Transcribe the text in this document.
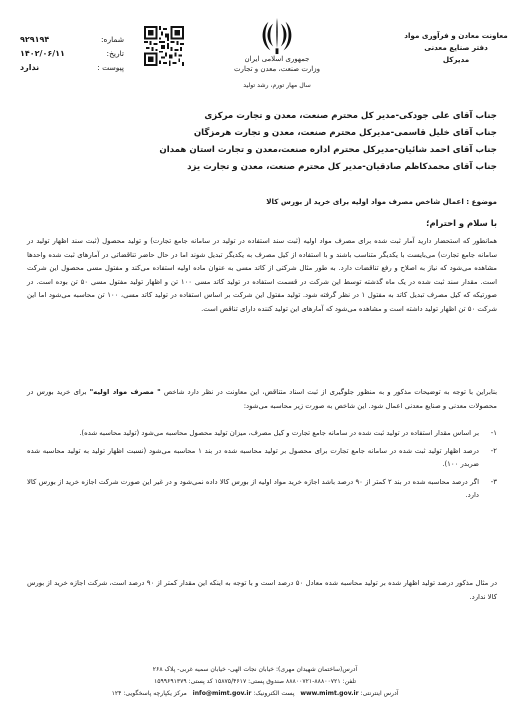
معاونت معادن و فرآوری مواد
دفتر صنایع معدنی
مدیرکل
جمهوری اسلامی ایران
وزارت صنعت، معدن و تجارت
سال مهار تورم، رشد تولید
شماره:
۹۲۹۱۹۴
تاریخ:
۱۴۰۲/۰۶/۱۱
پیوست :
ندارد
جناب آقای علی جودکی-مدیر کل محترم صنعت، معدن و تجارت مرکزی
جناب آقای خلیل قاسمی-مدیرکل محترم صنعت، معدن و تجارت هرمزگان
جناب آقای احمد شائیان-مدیرکل محترم اداره صنعت،معدن و تجارت استان همدان
جناب آقای محمدکاظم صادقیان-مدیر کل محترم صنعت، معدن و تجارت یزد
موضوع : اعمال شاخص مصرف مواد اولیه برای خرید از بورس کالا
با سلام و احترام؛
همانطور که استحضار دارید آمار ثبت شده برای مصرف مواد اولیه (ثبت سند استفاده در تولید در سامانه جامع تجارت) و تولید محصول (ثبت سند اظهار تولید در سامانه جامع تجارت) می‌بایست با یکدیگر متناسب باشند و با استفاده از کیل مصرف به یکدیگر تبدیل شوند اما در حال حاضر تناقضاتی در آمارهای ثبت شده واحدها مشاهده می‌شود که نیاز به اصلاح و رفع تناقضات دارد. به طور مثال شرکتی از کاتد مسی به عنوان ماده اولیه استفاده می‌کند و مفتول مسی محصول این شرکت است. مقدار سند ثبت شده در یک ماه گذشته توسط این شرکت در قسمت استفاده در تولید کاتد مسی ۱۰۰ تن و اظهار تولید مفتول مسی ۵۰ تن بوده است. در صورتیکه که کیل مصرف تبدیل کاتد به مفتول ۱ در نظر گرفته شود. تولید مفتول این شرکت بر اساس استفاده در تولید کاتد مسی، ۱۰۰ تن محاسبه می‌شود اما این شرکت ۵۰ تن اظهار تولید داشته است و مشاهده می‌شود که آمارهای این تولید کننده دارای تناقض است.
بنابراین با توجه به توضیحات مذکور و به منظور جلوگیری از ثبت اسناد متناقض، این معاونت در نظر دارد شاخص " مصرف مواد اولیه" برای خرید بورس در محصولات معدنی و صنایع معدنی اعمال شود. این شاخص به صورت زیر محاسبه می‌شود:
۱-
بر اساس مقدار استفاده در تولید ثبت شده در سامانه جامع تجارت و کیل مصرف، میزان تولید محصول محاسبه می‌شود (تولید محاسبه شده).
۲-
درصد اظهار تولید ثبت شده در سامانه جامع تجارت برای محصول بر تولید محاسبه شده در بند ۱ محاسبه می‌شود (نسبت اظهار تولید به تولید محاسبه شده ضربدر ۱۰۰).
۳-
اگر درصد محاسبه شده در بند ۲ کمتر از ۹۰ درصد باشد اجازه خرید مواد اولیه از بورس کالا داده نمی‌شود و در غیر این صورت شرکت اجازه خرید از بورس کالا دارد.
در مثال مذکور درصد تولید اظهار شده بر تولید محاسبه شده معادل ۵۰ درصد است و با توجه به اینکه این مقدار کمتر از ۹۰ درصد است، شرکت اجازه خرید از بورس کالا ندارد.
آدرس(ساختمان شهیدان مهری): خیابان نجات الهی- خیابان سمیه غربی- پلاک ۲۶۸
تلفن: ۸۸۸۰۰۷۲۱-۸۸۸۰۰۷۲۱ صندوق پستی: ۱۵۸۷۵/۴۶۱۷ کد پستی: ۱۵۹۹۶۹۱۳۷۹
آدرس اینترنتی: www.mimt.gov.ir   پست الکترونیک: info@mimt.gov.ir   مرکز یکپارچه پاسخگویی: ۱۲۴
